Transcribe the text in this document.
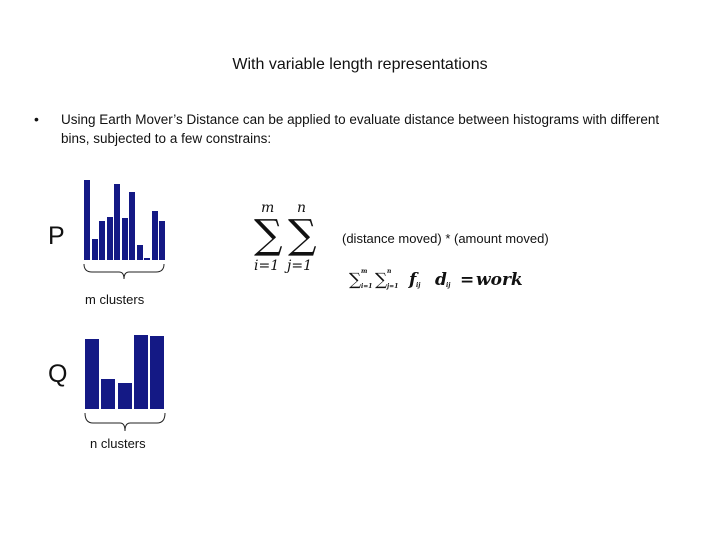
With variable length representations
• Using Earth Mover’s Distance can be applied to evaluate distance between histograms with different bins, subjected to a few constrains:
P
m clusters
Q
n clusters
m
∑
i=1
n
∑
j=1
(distance moved) * (amount moved)
∑ m
i=1 ∑ n
j=1 f ij d ij = work
